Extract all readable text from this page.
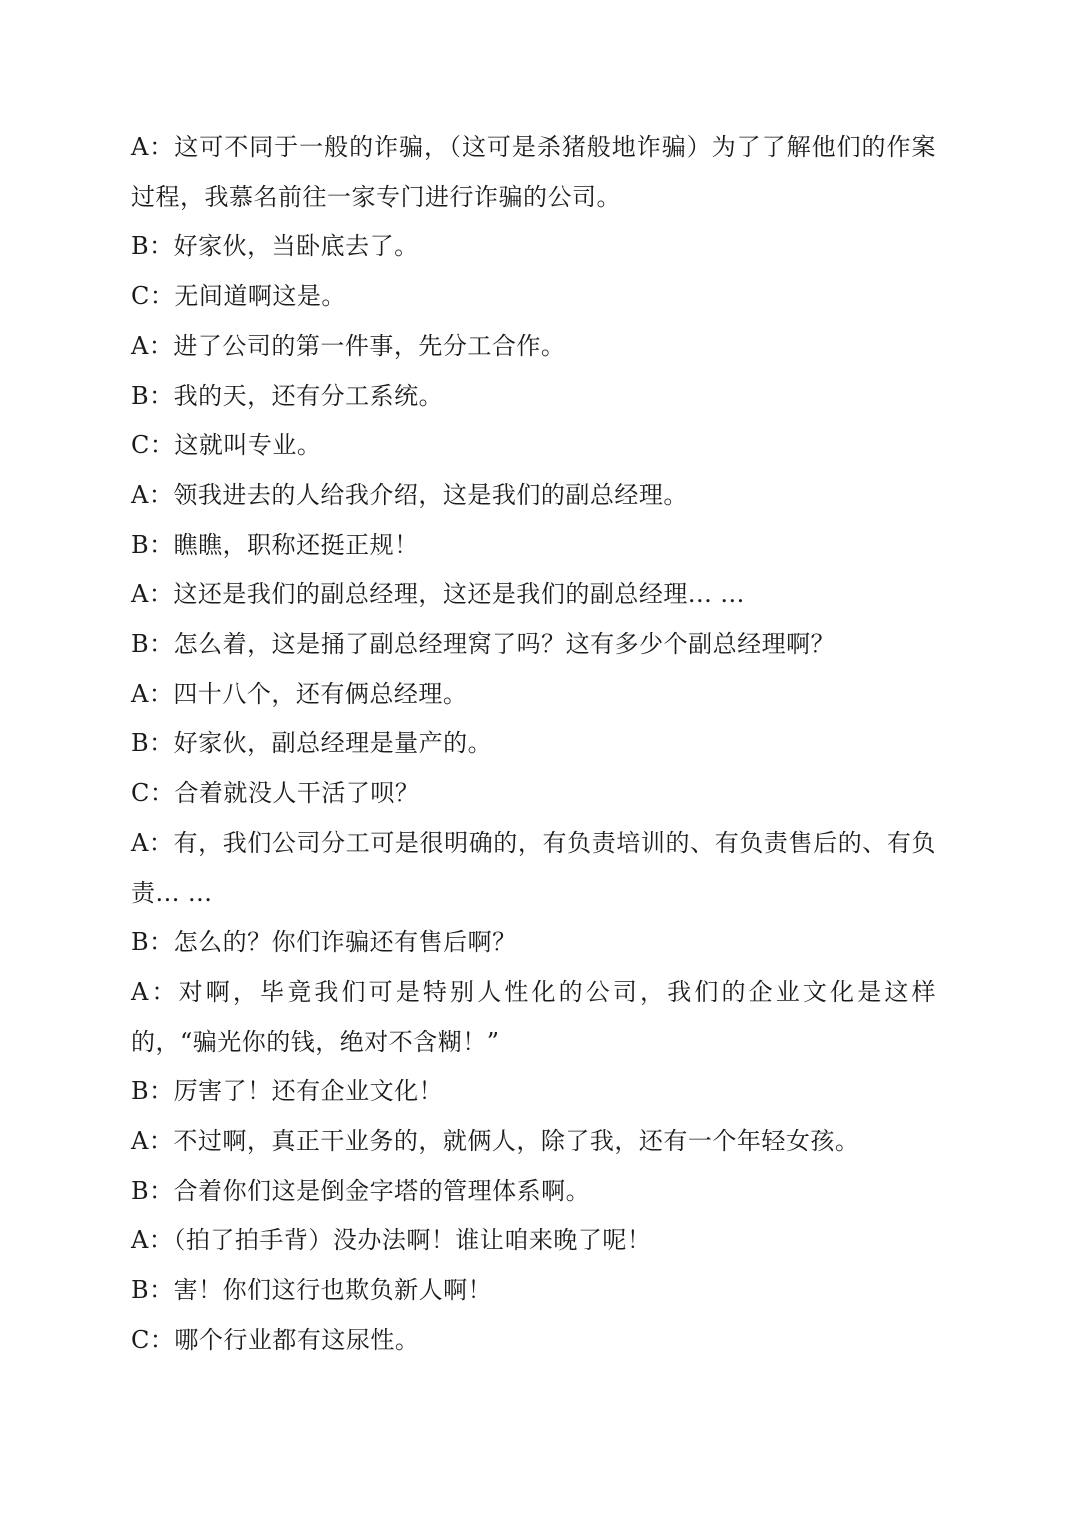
A：这可不同于一般的诈骗，（这可是杀猪般地诈骗）为了了解他们的作案过程，我慕名前往一家专门进行诈骗的公司。

B：好家伙，当卧底去了。

C：无间道啊这是。

A：进了公司的第一件事，先分工合作。

B：我的天，还有分工系统。

C：这就叫专业。

A：领我进去的人给我介绍，这是我们的副总经理。

B：瞧瞧，职称还挺正规！

A：这还是我们的副总经理，这还是我们的副总经理... ...

B：怎么着，这是捅了副总经理窝了吗？这有多少个副总经理啊？

A：四十八个，还有俩总经理。

B：好家伙，副总经理是量产的。

C：合着就没人干活了呗？

A：有，我们公司分工可是很明确的，有负责培训的、有负责售后的、有负责... ...

B：怎么的？你们诈骗还有售后啊？

A：对啊，毕竟我们可是特别人性化的公司，我们的企业文化是这样的，“骗光你的钱，绝对不含糊！”

B：厉害了！还有企业文化！

A：不过啊，真正干业务的，就俩人，除了我，还有一个年轻女孩。

B：合着你们这是倒金字塔的管理体系啊。

A：（拍了拍手背）没办法啊！谁让咱来晚了呢！

B：害！你们这行也欺负新人啊！

C：哪个行业都有这尿性。
